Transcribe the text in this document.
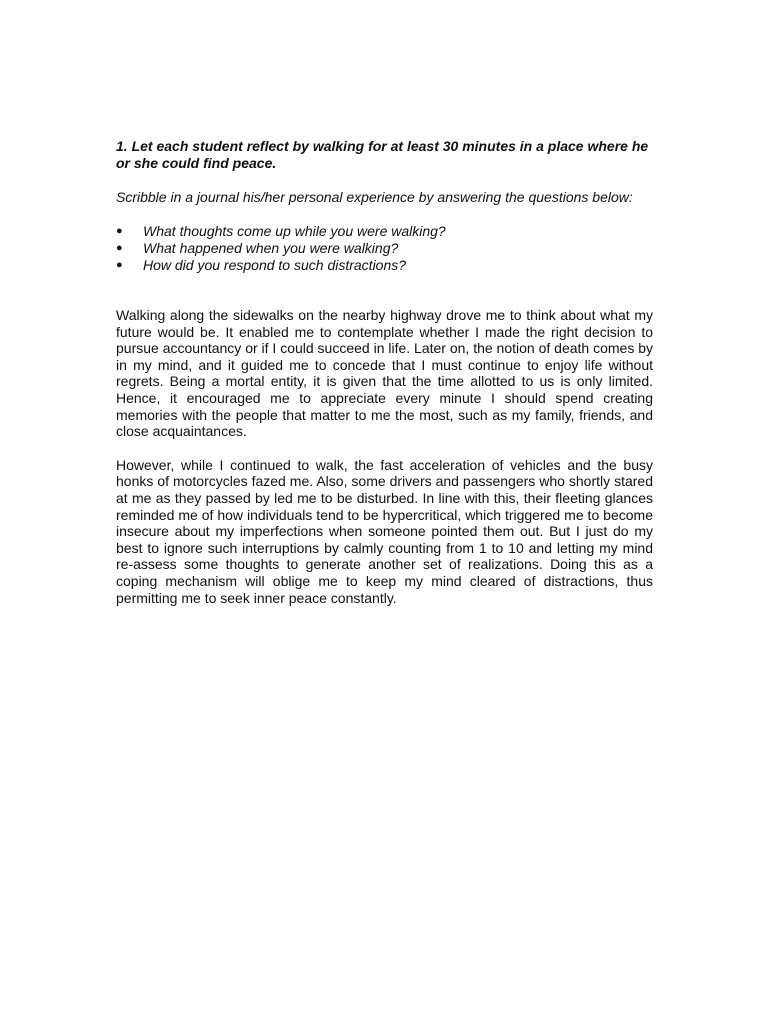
1. Let each student reflect by walking for at least 30 minutes in a place where he or she could find peace.

Scribble in a journal his/her personal experience by answering the questions below:

●	What thoughts come up while you were walking?
●	What happened when you were walking?
●	How did you respond to such distractions?

Walking along the sidewalks on the nearby highway drove me to think about what my future would be. It enabled me to contemplate whether I made the right decision to pursue accountancy or if I could succeed in life. Later on, the notion of death comes by in my mind, and it guided me to concede that I must continue to enjoy life without regrets. Being a mortal entity, it is given that the time allotted to us is only limited. Hence, it encouraged me to appreciate every minute I should spend creating memories with the people that matter to me the most, such as my family, friends, and close acquaintances.

However, while I continued to walk, the fast acceleration of vehicles and the busy honks of motorcycles fazed me. Also, some drivers and passengers who shortly stared at me as they passed by led me to be disturbed. In line with this, their fleeting glances reminded me of how individuals tend to be hypercritical, which triggered me to become insecure about my imperfections when someone pointed them out. But I just do my best to ignore such interruptions by calmly counting from 1 to 10 and letting my mind re-assess some thoughts to generate another set of realizations. Doing this as a coping mechanism will oblige me to keep my mind cleared of distractions, thus permitting me to seek inner peace constantly.
